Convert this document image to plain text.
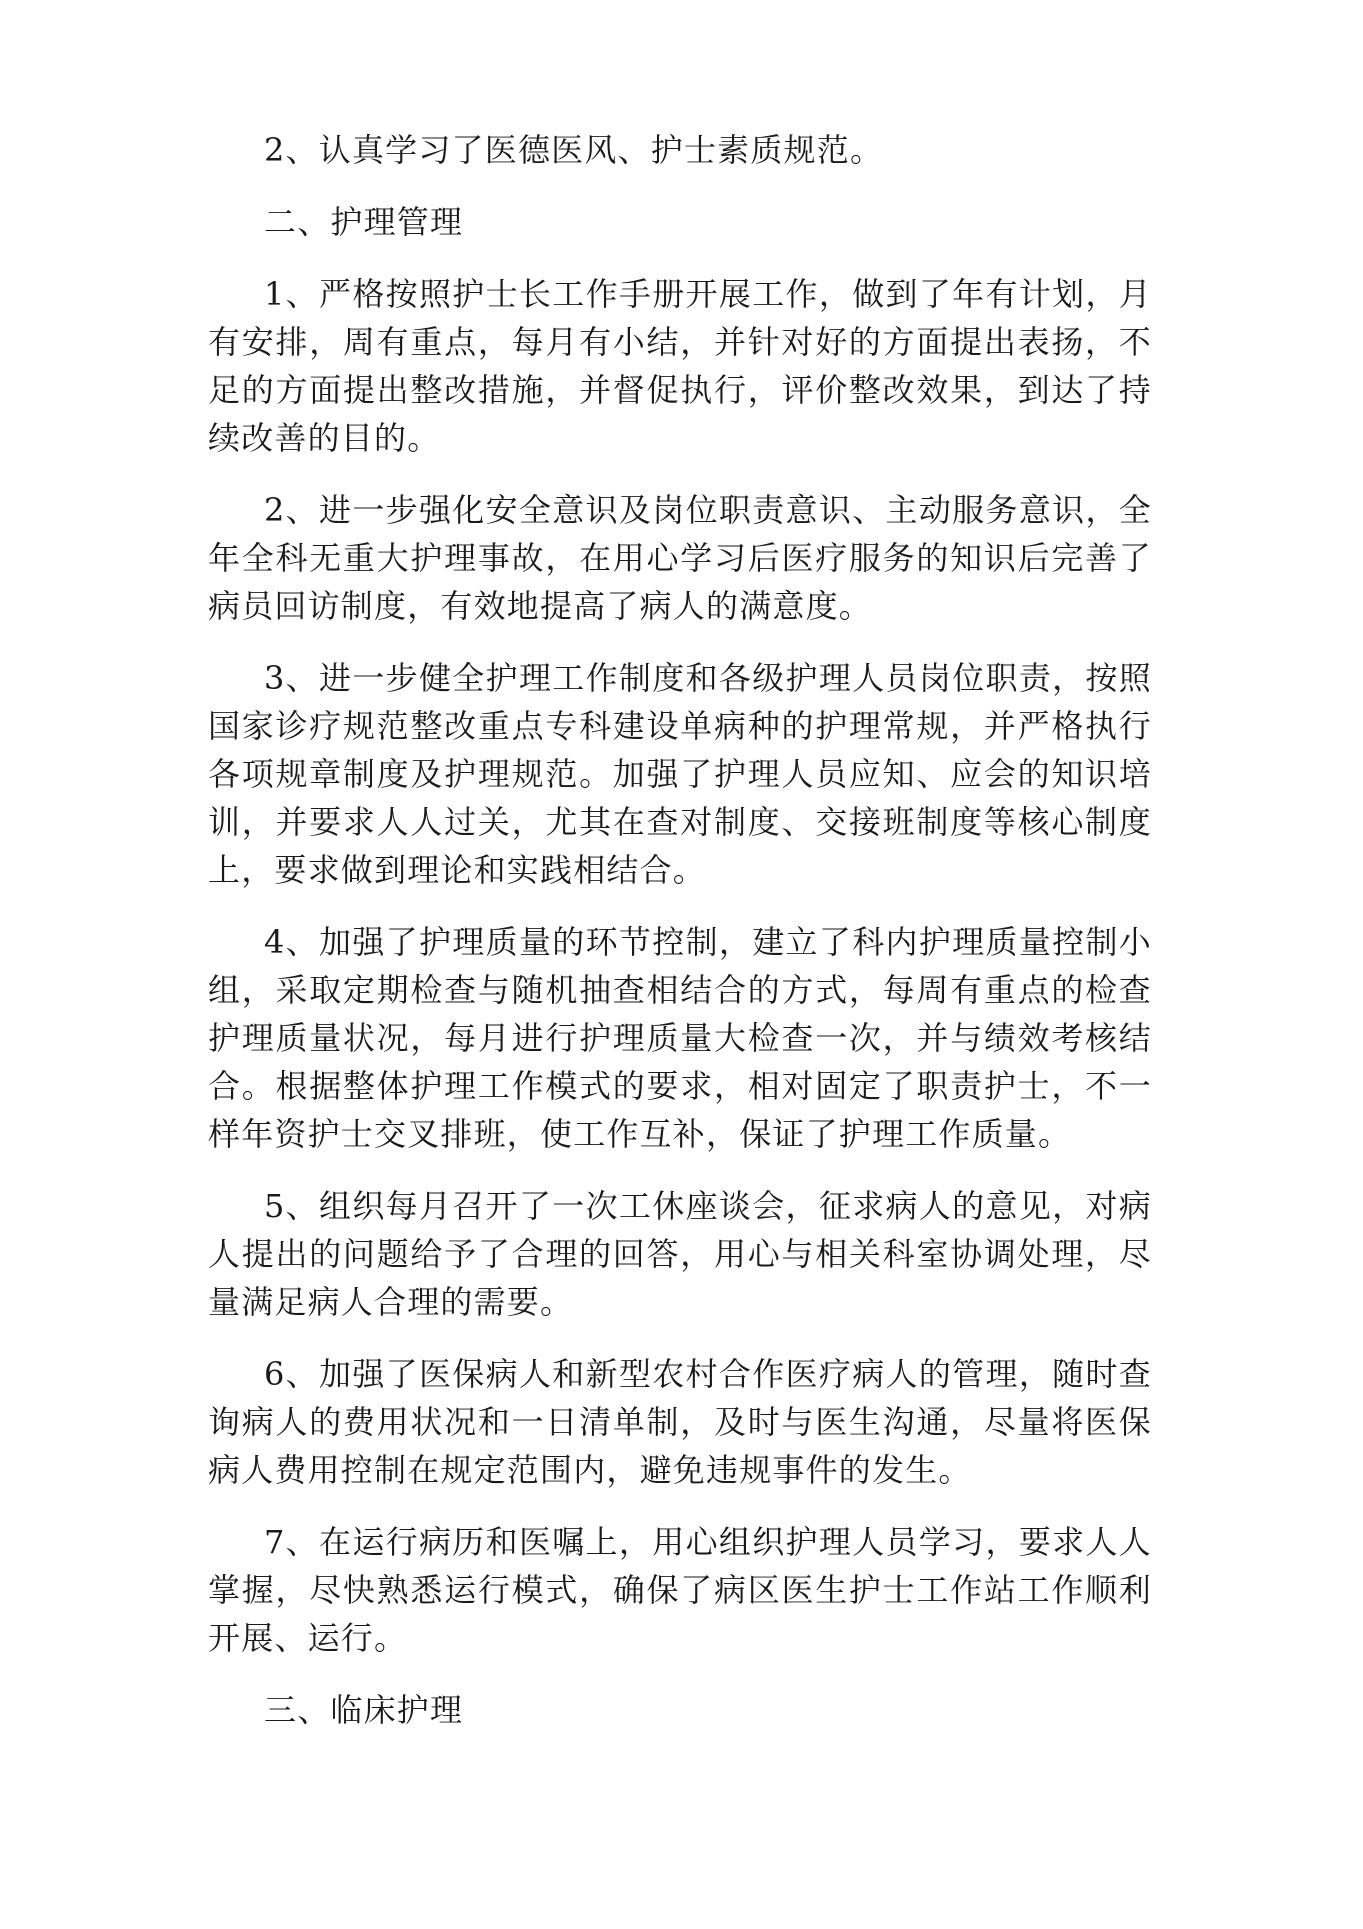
2、认真学习了医德医风、护士素质规范。

二、护理管理

1、严格按照护士长工作手册开展工作，做到了年有计划，月有安排，周有重点，每月有小结，并针对好的方面提出表扬，不足的方面提出整改措施，并督促执行，评价整改效果，到达了持续改善的目的。

2、进一步强化安全意识及岗位职责意识、主动服务意识，全年全科无重大护理事故，在用心学习后医疗服务的知识后完善了病员回访制度，有效地提高了病人的满意度。

3、进一步健全护理工作制度和各级护理人员岗位职责，按照国家诊疗规范整改重点专科建设单病种的护理常规，并严格执行各项规章制度及护理规范。加强了护理人员应知、应会的知识培训，并要求人人过关，尤其在查对制度、交接班制度等核心制度上，要求做到理论和实践相结合。

4、加强了护理质量的环节控制，建立了科内护理质量控制小组，采取定期检查与随机抽查相结合的方式，每周有重点的检查护理质量状况，每月进行护理质量大检查一次，并与绩效考核结合。根据整体护理工作模式的要求，相对固定了职责护士，不一样年资护士交叉排班，使工作互补，保证了护理工作质量。

5、组织每月召开了一次工休座谈会，征求病人的意见，对病人提出的问题给予了合理的回答，用心与相关科室协调处理，尽量满足病人合理的需要。

6、加强了医保病人和新型农村合作医疗病人的管理，随时查询病人的费用状况和一日清单制，及时与医生沟通，尽量将医保病人费用控制在规定范围内，避免违规事件的发生。

7、在运行病历和医嘱上，用心组织护理人员学习，要求人人掌握，尽快熟悉运行模式，确保了病区医生护士工作站工作顺利开展、运行。

三、临床护理
